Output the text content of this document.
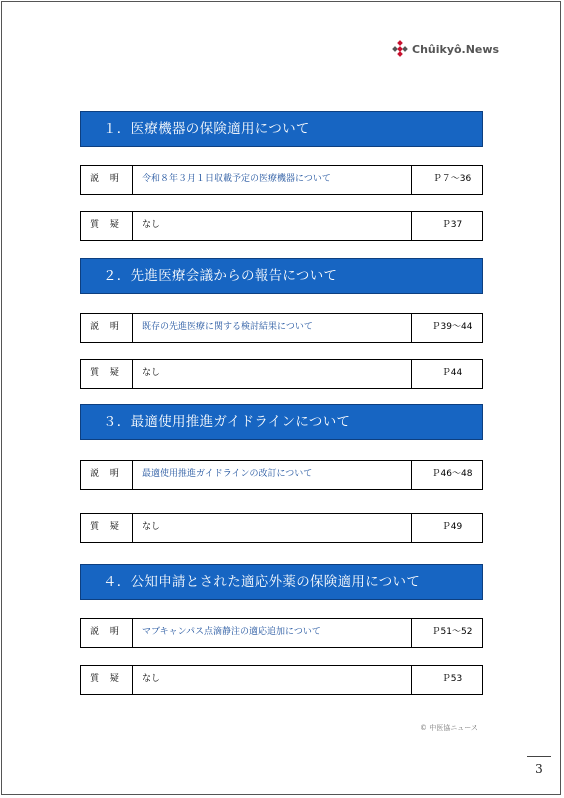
Chûikyô.News
１．医療機器の保険適用について
説 明	令和８年３月１日収載予定の医療機器について	Ｐ７～36
質 疑	なし	Ｐ37
２．先進医療会議からの報告について
説 明	既存の先進医療に関する検討結果について	Ｐ39～44
質 疑	なし	Ｐ44
３．最適使用推進ガイドラインについて
説 明	最適使用推進ガイドラインの改訂について	Ｐ46～48
質 疑	なし	Ｐ49
４．公知申請とされた適応外薬の保険適用について
説 明	マブキャンパス点滴静注の適応追加について	Ｐ51～52
質 疑	なし	Ｐ53
© 中医協ニュース
3
